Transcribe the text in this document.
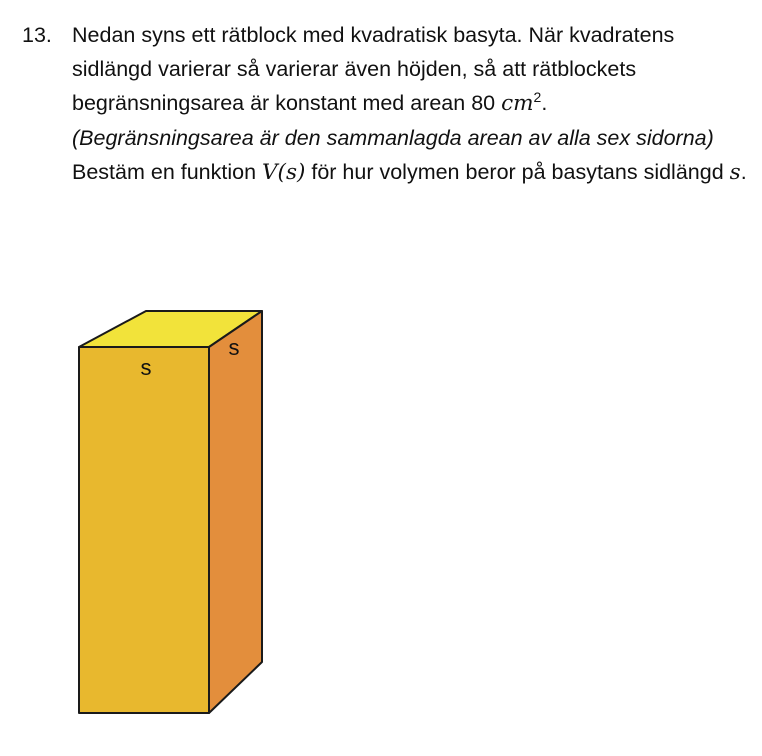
13. Nedan syns ett rätblock med kvadratisk basyta. När kvadratens sidlängd varierar så varierar även höjden, så att rätblockets begränsningsarea är konstant med arean 80 $cm^2$.

(Begränsningsarea är den sammanlagda arean av alla sex sidorna)

Bestäm en funktion V(s) för hur volymen beror på basytans sidlängd s.

s
s
